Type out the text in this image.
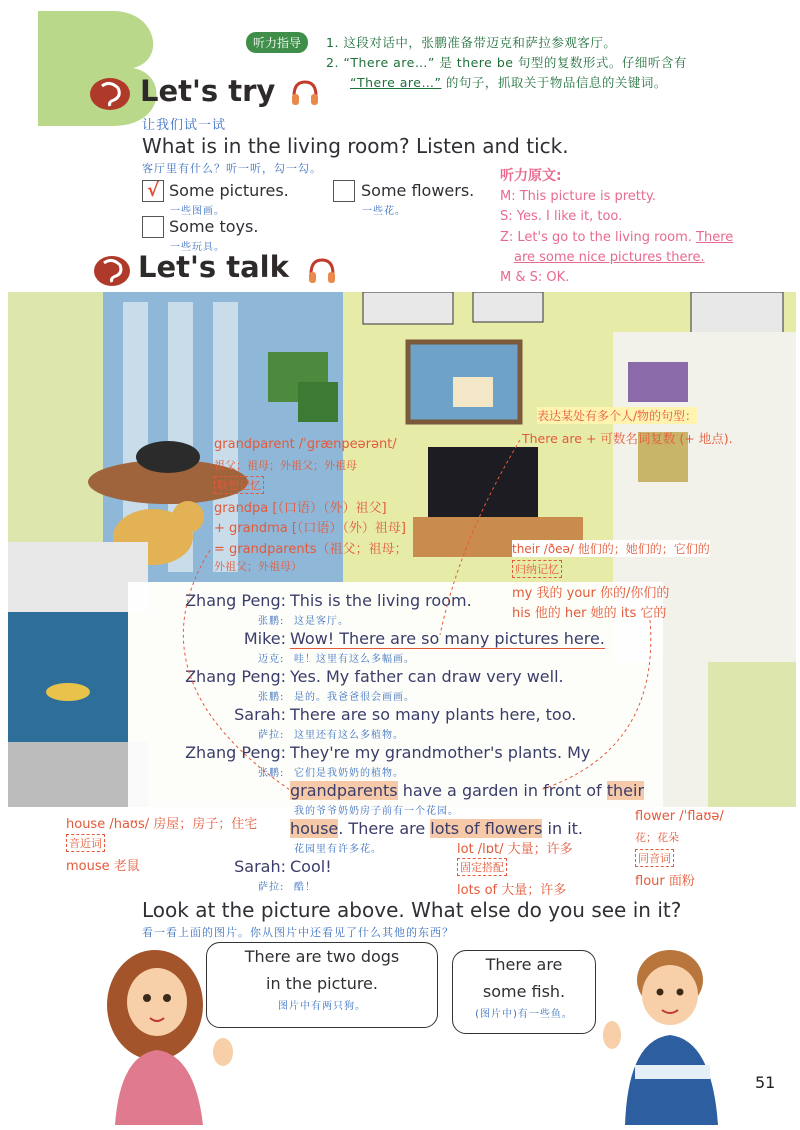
听力指导	1. 这段对话中，张鹏准备带迈克和萨拉参观客厅。
2. “There are…” 是 there be 句型的复数形式。仔细听含有
“There are…” 的句子，抓取关于物品信息的关键词。
Let's try
让我们试一试
What is in the living room? Listen and tick.
客厅里有什么？听一听，勾一勾。
√ Some pictures.
一些图画。
Some flowers.
一些花。
Some toys.
一些玩具。
听力原文:
M: This picture is pretty.
S: Yes. I like it, too.
Z: Let's go to the living room. There
are some nice pictures there.
M & S: OK.
Let's talk
grandparent /ˈɡrænpeərənt/
祖父；祖母；外祖父；外祖母
联想记忆
grandpa [（口语）（外）祖父]
+ grandma [（口语）（外）祖母]
= grandparents（祖父；祖母；
外祖父；外祖母）
表达某处有多个人/物的句型：
There are + 可数名词复数 (+ 地点).
their /ðeə/ 他们的；她们的；它们的
归纳记忆
my 我的 your 你的/你们的
his 他的 her 她的 its 它的
Zhang Peng: This is the living room.
张鹏: 这是客厅。
Mike: Wow! There are so many pictures here.
迈克: 哇！这里有这么多幅画。
Zhang Peng: Yes. My father can draw very well.
张鹏: 是的。我爸爸很会画画。
Sarah: There are so many plants here, too.
萨拉: 这里还有这么多植物。
Zhang Peng: They're my grandmother's plants. My
张鹏: 它们是我奶奶的植物。
grandparents have a garden in front of their
我的爷爷奶奶房子前有一个花园。
house. There are lots of flowers in it.
花园里有许多花。
Sarah: Cool!
萨拉: 酷！
house /haʊs/ 房屋；房子；住宅
音近词
mouse 老鼠
lot /lɒt/ 大量；许多
固定搭配
lots of 大量；许多
flower /ˈflaʊə/
花；花朵
同音词
flour 面粉
Look at the picture above. What else do you see in it?
看一看上面的图片。你从图片中还看见了什么其他的东西？
There are two dogs
in the picture.
图片中有两只狗。
There are
some fish.
(图片中)有一些鱼。
51
